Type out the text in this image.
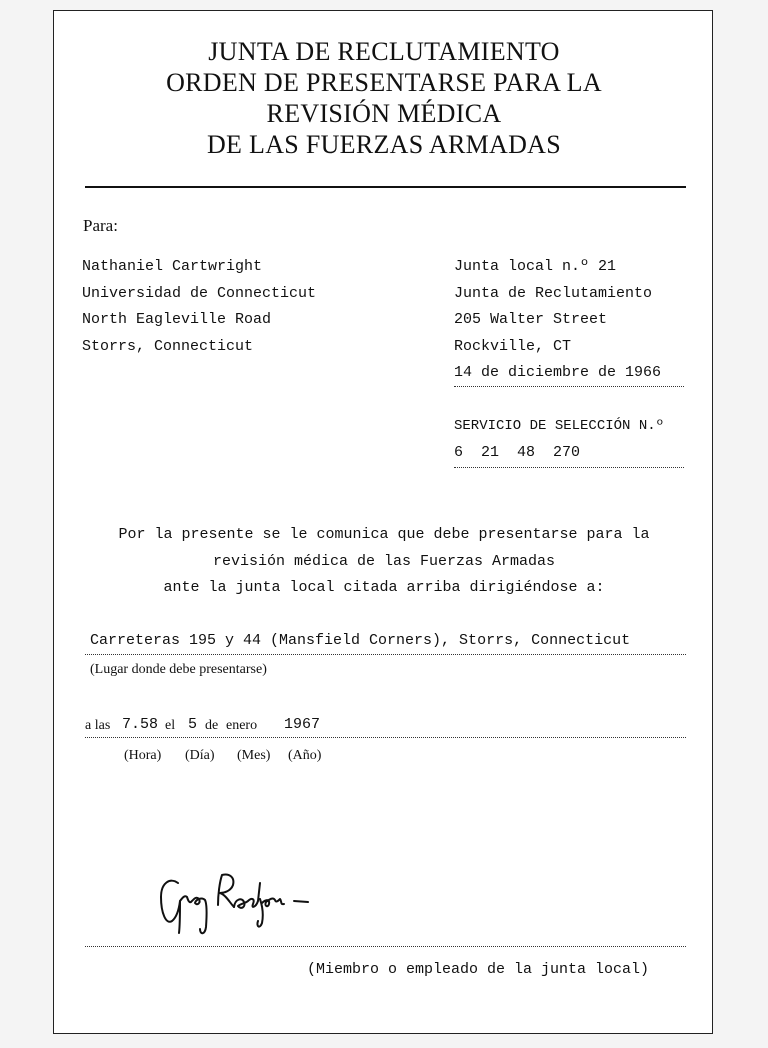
JUNTA DE RECLUTAMIENTO
ORDEN DE PRESENTARSE PARA LA
REVISIÓN MÉDICA
DE LAS FUERZAS ARMADAS
Para:
Nathaniel Cartwright
Universidad de Connecticut
North Eagleville Road
Storrs, Connecticut
Junta local n.º 21
Junta de Reclutamiento
205 Walter Street
Rockville, CT
14 de diciembre de 1966
SERVICIO DE SELECCIÓN N.º
6  21  48  270
Por la presente se le comunica que debe presentarse para la
revisión médica de las Fuerzas Armadas
ante la junta local citada arriba dirigiéndose a:
Carreteras 195 y 44 (Mansfield Corners), Storrs, Connecticut
(Lugar donde debe presentarse)
a las 7.58 el 5 de enero 1967
(Hora) (Día) (Mes) (Año)
(Miembro o empleado de la junta local)
